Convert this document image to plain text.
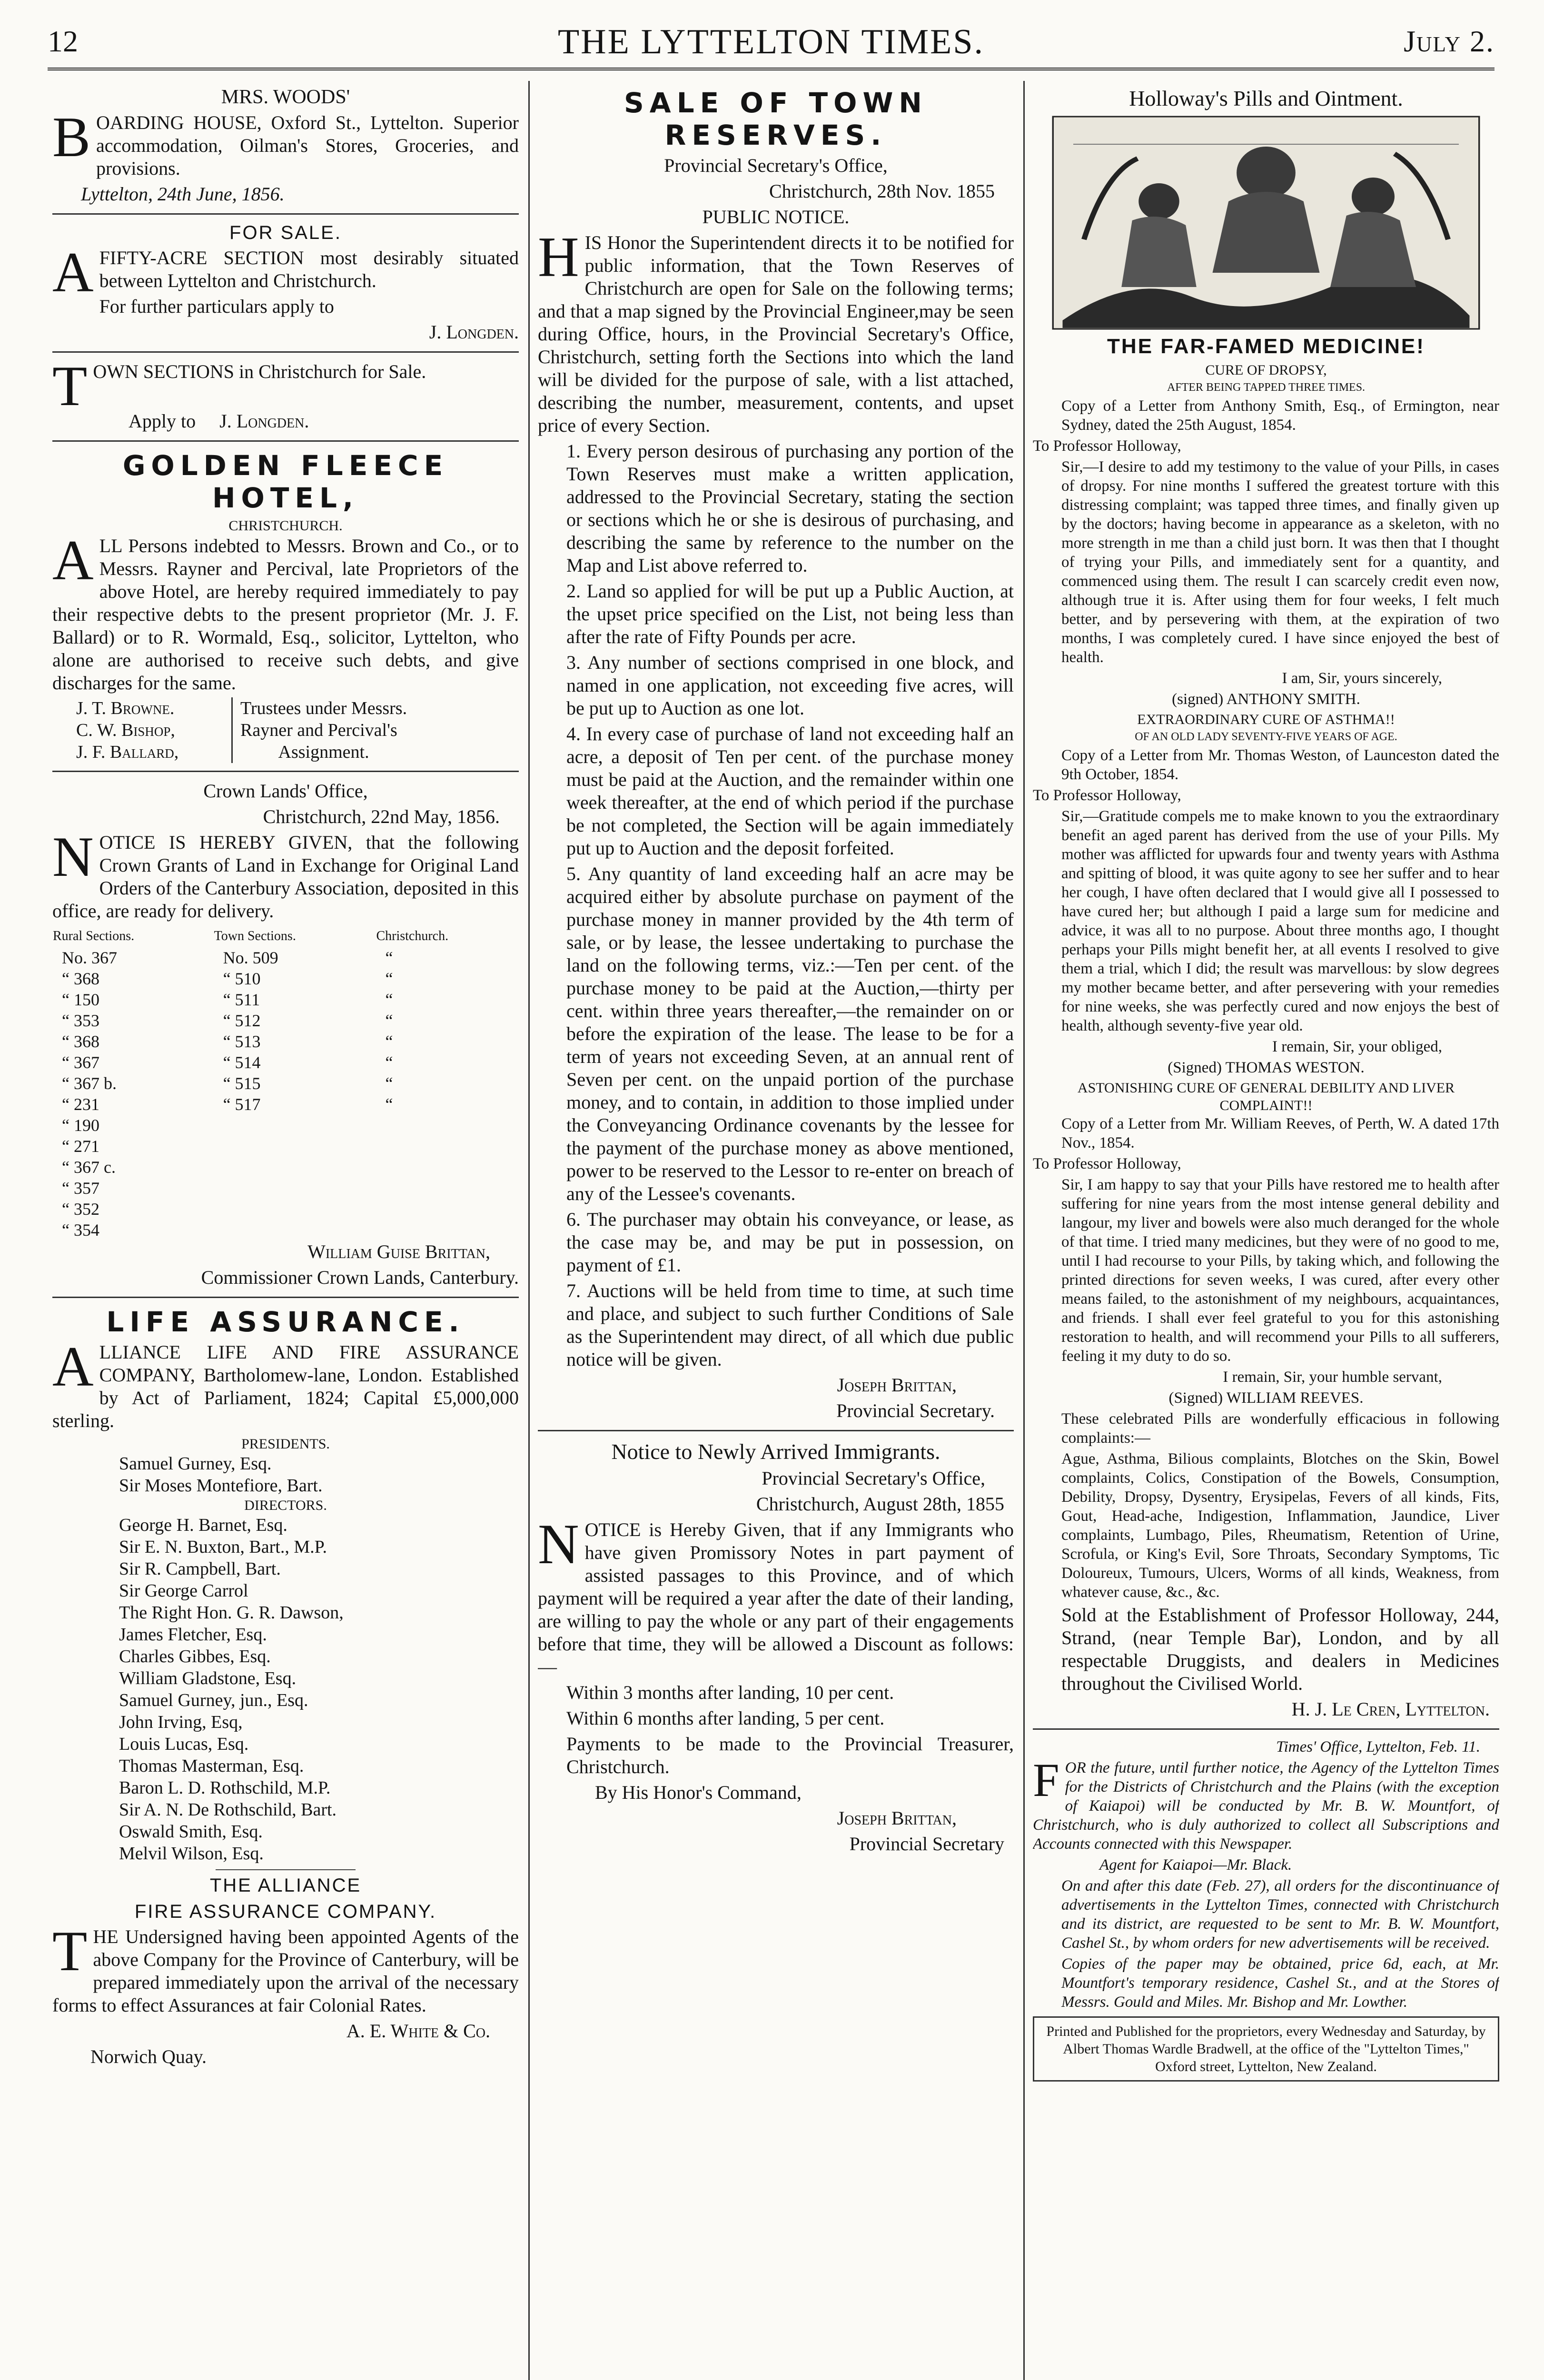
12	THE LYTTELTON TIMES.	July 2.
MRS. WOODS'

BOARDING HOUSE, Oxford St., Lyttelton. Superior accommodation, Oilman's Stores, Groceries, and provisions.

Lyttelton, 24th June, 1856.

FOR SALE.

AFIFTY-ACRE SECTION most desirably situated between Lyttelton and Christchurch.

For further particulars apply to

J. Longden.

TOWN SECTIONS in Christchurch for Sale.

Apply to J. Longden.

GOLDEN FLEECE HOTEL,
CHRISTCHURCH.

ALL Persons indebted to Messrs. Brown and Co., or to Messrs. Rayner and Percival, late Proprietors of the above Hotel, are hereby required immediately to pay their respective debts to the present proprietor (Mr. J. F. Ballard) or to R. Wormald, Esq., solicitor, Lyttelton, who alone are authorised to receive such debts, and give discharges for the same.

J. T. Browne.
C. W. Bishop,
J. F. Ballard,
Trustees under Messrs.
Rayner and Percival's
Assignment.

Crown Lands' Office,

Christchurch, 22nd May, 1856.

NOTICE IS HEREBY GIVEN, that the following Crown Grants of Land in Exchange for Original Land Orders of the Canterbury Association, deposited in this office, are ready for delivery.

Rural Sections.	Town Sections.	Christchurch.
No. 367	No. 509	“
“ 368	“ 510	“
“ 150	“ 511	“
“ 353	“ 512	“
“ 368	“ 513	“
“ 367	“ 514	“
“ 367 b.	“ 515	“
“ 231	“ 517	“
“ 190		
“ 271		
“ 367 c.		
“ 357		
“ 352		
“ 354		

William Guise Brittan,

Commissioner Crown Lands, Canterbury.

LIFE ASSURANCE.

ALLIANCE LIFE AND FIRE ASSURANCE COMPANY, Bartholomew-lane, London. Established by Act of Parliament, 1824; Capital £5,000,000 sterling.

PRESIDENTS.
Samuel Gurney, Esq.
Sir Moses Montefiore, Bart.
DIRECTORS.
George H. Barnet, Esq.
Sir E. N. Buxton, Bart., M.P.
Sir R. Campbell, Bart.
Sir George Carrol
The Right Hon. G. R. Dawson,
James Fletcher, Esq.
Charles Gibbes, Esq.
William Gladstone, Esq.
Samuel Gurney, jun., Esq.
John Irving, Esq,
Louis Lucas, Esq.
Thomas Masterman, Esq.
Baron L. D. Rothschild, M.P.
Sir A. N. De Rothschild, Bart.
Oswald Smith, Esq.
Melvil Wilson, Esq.
THE ALLIANCE
FIRE ASSURANCE COMPANY.

THE Undersigned having been appointed Agents of the above Company for the Province of Canterbury, will be prepared immediately upon the arrival of the necessary forms to effect Assurances at fair Colonial Rates.

A. E. White & Co.

Norwich Quay.

SALE OF TOWN RESERVES.

Provincial Secretary's Office,

Christchurch, 28th Nov. 1855

PUBLIC NOTICE.

HIS Honor the Superintendent directs it to be notified for public information, that the Town Reserves of Christchurch are open for Sale on the following terms; and that a map signed by the Provincial Engineer,may be seen during Office, hours, in the Provincial Secretary's Office, Christchurch, setting forth the Sections into which the land will be divided for the purpose of sale, with a list attached, describing the number, measurement, contents, and upset price of every Section.

1. Every person desirous of purchasing any portion of the Town Reserves must make a written application, addressed to the Provincial Secretary, stating the section or sections which he or she is desirous of purchasing, and describing the same by reference to the number on the Map and List above referred to.

2. Land so applied for will be put up a Public Auction, at the upset price specified on the List, not being less than after the rate of Fifty Pounds per acre.

3. Any number of sections comprised in one block, and named in one application, not exceeding five acres, will be put up to Auction as one lot.

4. In every case of purchase of land not exceeding half an acre, a deposit of Ten per cent. of the purchase money must be paid at the Auction, and the remainder within one week thereafter, at the end of which period if the purchase be not completed, the Section will be again immediately put up to Auction and the deposit forfeited.

5. Any quantity of land exceeding half an acre may be acquired either by absolute purchase on payment of the purchase money in manner provided by the 4th term of sale, or by lease, the lessee undertaking to purchase the land on the following terms, viz.:—Ten per cent. of the purchase money to be paid at the Auction,—thirty per cent. within three years thereafter,—the remainder on or before the expiration of the lease. The lease to be for a term of years not exceeding Seven, at an annual rent of Seven per cent. on the unpaid portion of the purchase money, and to contain, in addition to those implied under the Conveyancing Ordinance covenants by the lessee for the payment of the purchase money as above mentioned, power to be reserved to the Lessor to re-enter on breach of any of the Lessee's covenants.

6. The purchaser may obtain his conveyance, or lease, as the case may be, and may be put in possession, on payment of £1.

7. Auctions will be held from time to time, at such time and place, and subject to such further Conditions of Sale as the Superintendent may direct, of all which due public notice will be given.

Joseph Brittan,

Provincial Secretary.

Notice to Newly Arrived Immigrants.

Provincial Secretary's Office,

Christchurch, August 28th, 1855

NOTICE is Hereby Given, that if any Immigrants who have given Promissory Notes in part payment of assisted passages to this Province, and of which payment will be required a year after the date of their landing, are willing to pay the whole or any part of their engagements before that time, they will be allowed a Discount as follows:—

Within 3 months after landing, 10 per cent.

Within 6 months after landing, 5 per cent.

Payments to be made to the Provincial Treasurer, Christchurch.

By His Honor's Command,

Joseph Brittan,

Provincial Secretary

Holloway's Pills and Ointment.
THE FAR-FAMED MEDICINE!
CURE OF DROPSY,
AFTER BEING TAPPED THREE TIMES.

Copy of a Letter from Anthony Smith, Esq., of Ermington, near Sydney, dated the 25th August, 1854.

To Professor Holloway,

Sir,—I desire to add my testimony to the value of your Pills, in cases of dropsy. For nine months I suffered the greatest torture with this distressing complaint; was tapped three times, and finally given up by the doctors; having become in appearance as a skeleton, with no more strength in me than a child just born. It was then that I thought of trying your Pills, and immediately sent for a quantity, and commenced using them. The result I can scarcely credit even now, although true it is. After using them for four weeks, I felt much better, and by persevering with them, at the expiration of two months, I was completely cured. I have since enjoyed the best of health.

I am, Sir, yours sincerely,

(signed) ANTHONY SMITH.

EXTRAORDINARY CURE OF ASTHMA!!
OF AN OLD LADY SEVENTY-FIVE YEARS OF AGE.

Copy of a Letter from Mr. Thomas Weston, of Launceston dated the 9th October, 1854.

To Professor Holloway,

Sir,—Gratitude compels me to make known to you the extraordinary benefit an aged parent has derived from the use of your Pills. My mother was afflicted for upwards four and twenty years with Asthma and spitting of blood, it was quite agony to see her suffer and to hear her cough, I have often declared that I would give all I possessed to have cured her; but although I paid a large sum for medicine and advice, it was all to no purpose. About three months ago, I thought perhaps your Pills might benefit her, at all events I resolved to give them a trial, which I did; the result was marvellous: by slow degrees my mother became better, and after persevering with your remedies for nine weeks, she was perfectly cured and now enjoys the best of health, although seventy-five year old.

I remain, Sir, your obliged,

(Signed) THOMAS WESTON.

ASTONISHING CURE OF GENERAL DEBILITY AND LIVER COMPLAINT!!

Copy of a Letter from Mr. William Reeves, of Perth, W. A dated 17th Nov., 1854.

To Professor Holloway,

Sir, I am happy to say that your Pills have restored me to health after suffering for nine years from the most intense general debility and langour, my liver and bowels were also much deranged for the whole of that time. I tried many medicines, but they were of no good to me, until I had recourse to your Pills, by taking which, and following the printed directions for seven weeks, I was cured, after every other means failed, to the astonishment of my neighbours, acquaintances, and friends. I shall ever feel grateful to you for this astonishing restoration to health, and will recommend your Pills to all sufferers, feeling it my duty to do so.

I remain, Sir, your humble servant,

(Signed) WILLIAM REEVES.

These celebrated Pills are wonderfully efficacious in following complaints:—

Ague, Asthma, Bilious complaints, Blotches on the Skin, Bowel complaints, Colics, Constipation of the Bowels, Consumption, Debility, Dropsy, Dysentry, Erysipelas, Fevers of all kinds, Fits, Gout, Head-ache, Indigestion, Inflammation, Jaundice, Liver complaints, Lumbago, Piles, Rheumatism, Retention of Urine, Scrofula, or King's Evil, Sore Throats, Secondary Symptoms, Tic Doloureux, Tumours, Ulcers, Worms of all kinds, Weakness, from whatever cause, &c., &c.

Sold at the Establishment of Professor Holloway, 244, Strand, (near Temple Bar), London, and by all respectable Druggists, and dealers in Medicines throughout the Civilised World.

H. J. Le Cren, Lyttelton.

Times' Office, Lyttelton, Feb. 11.

FOR the future, until further notice, the Agency of the Lyttelton Times for the Districts of Christchurch and the Plains (with the exception of Kaiapoi) will be conducted by Mr. B. W. Mountfort, of Christchurch, who is duly authorized to collect all Subscriptions and Accounts connected with this Newspaper.

Agent for Kaiapoi—Mr. Black.

On and after this date (Feb. 27), all orders for the discontinuance of advertisements in the Lyttelton Times, connected with Christchurch and its district, are requested to be sent to Mr. B. W. Mountfort, Cashel St., by whom orders for new advertisements will be received.

Copies of the paper may be obtained, price 6d, each, at Mr. Mountfort's temporary residence, Cashel St., and at the Stores of Messrs. Gould and Miles. Mr. Bishop and Mr. Lowther.

Printed and Published for the proprietors, every Wednesday and Saturday, by Albert Thomas Wardle Bradwell, at the office of the "Lyttelton Times," Oxford street, Lyttelton, New Zealand.
